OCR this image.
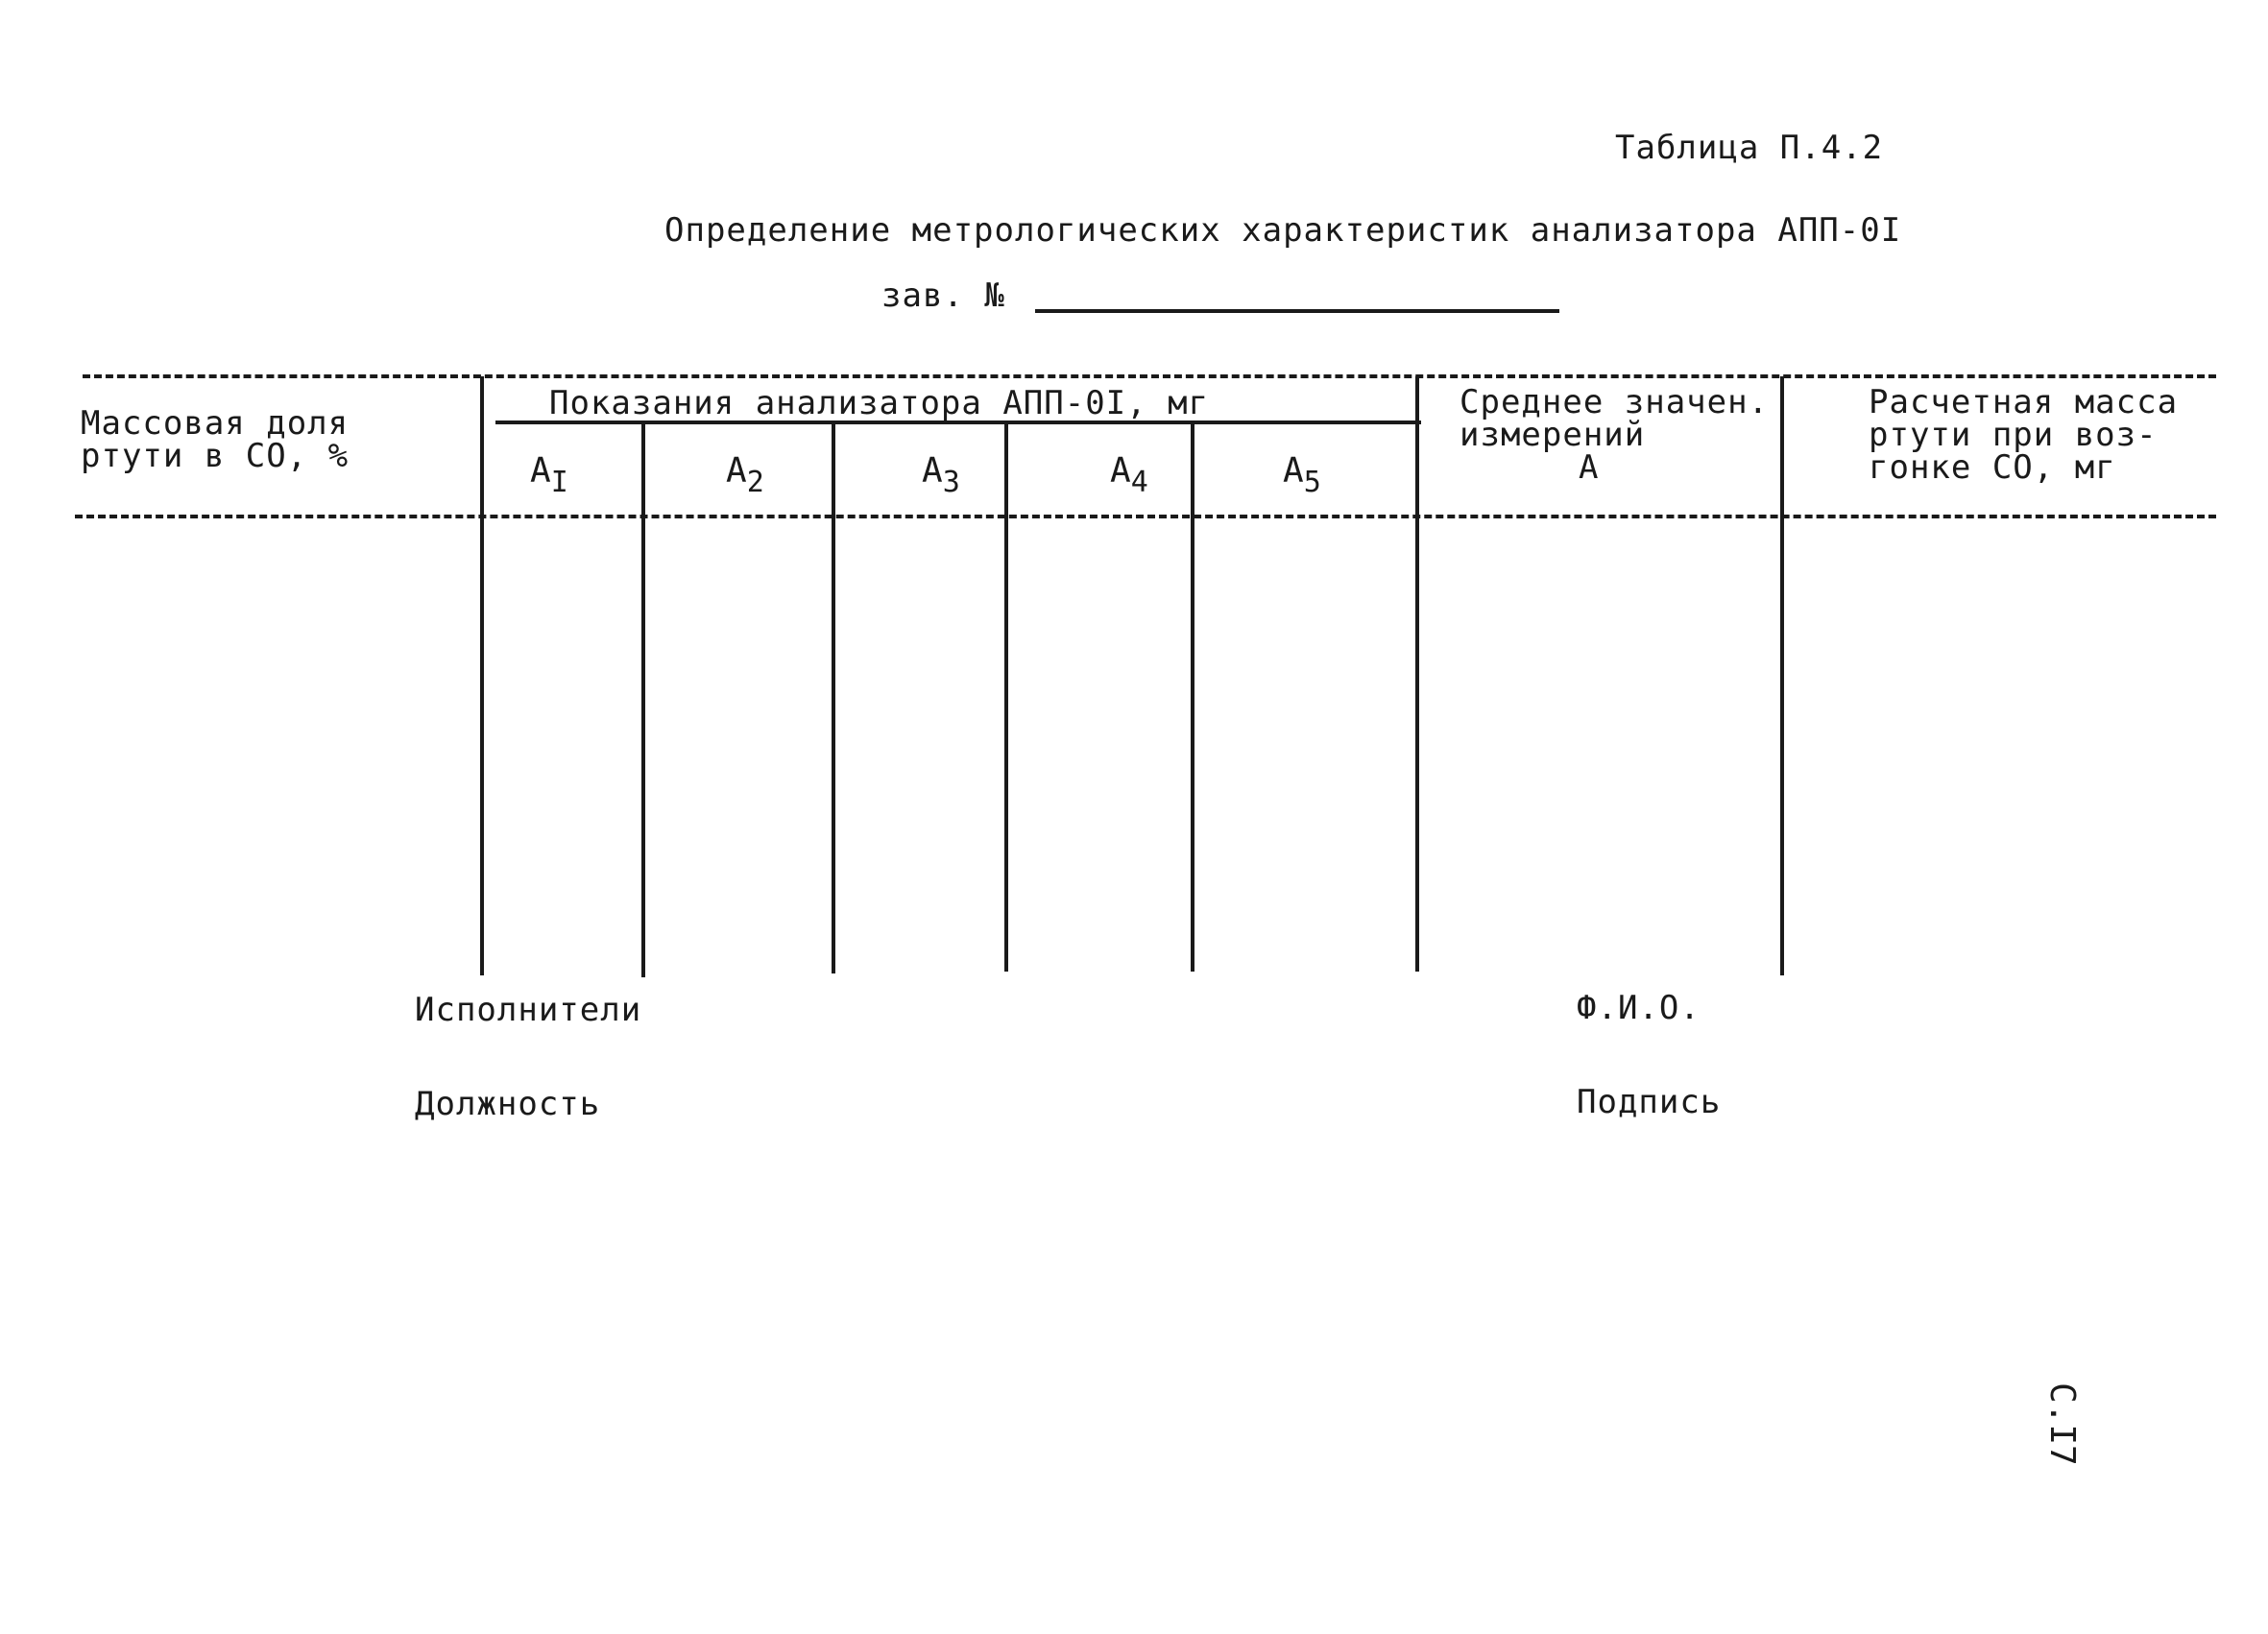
Таблица П.4.2
Определение метрологических характеристик анализатора АПП-0I
зав. №
Массовая доля
ртути в СО, %
Показания анализатора АПП-0I, мг
$A_I$	$A_2$	$A_3$	$A_4$	$A_5$
Среднее значен.
измерений
A
Расчетная масса
ртути при воз-
гонке СО, мг
Исполнители
Должность
Ф.И.О.
Подпись
С.I7
